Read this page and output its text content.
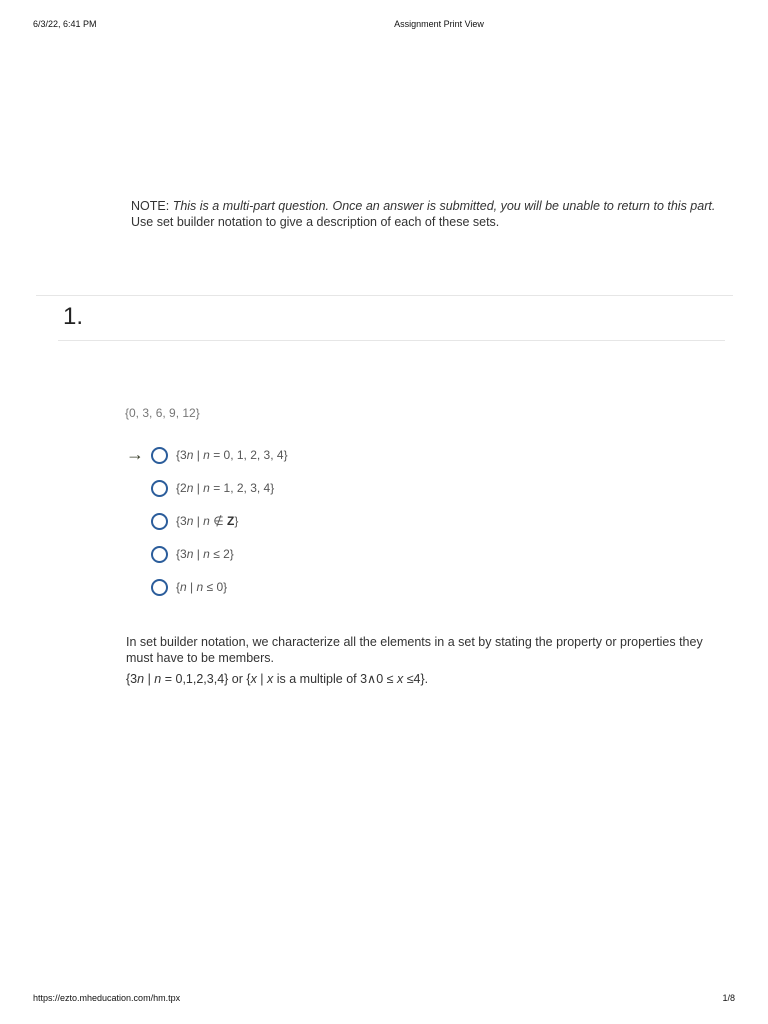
6/3/22, 6:41 PM	Assignment Print View

NOTE: This is a multi-part question. Once an answer is submitted, you will be unable to return to this part.

Use set builder notation to give a description of each of these sets.

1.
{0, 3, 6, 9, 12}
→	{3n | n = 0, 1, 2, 3, 4}
{2n | n = 1, 2, 3, 4}
{3n | n ∉ Z}
{3n | n ≤ 2}
{n | n ≤ 0}

In set builder notation, we characterize all the elements in a set by stating the property or properties they must have to be members.

{3n | n = 0,1,2,3,4} or {x | x is a multiple of 3∧0 ≤ x ≤4}.

https://ezto.mheducation.com/hm.tpx	1/8
